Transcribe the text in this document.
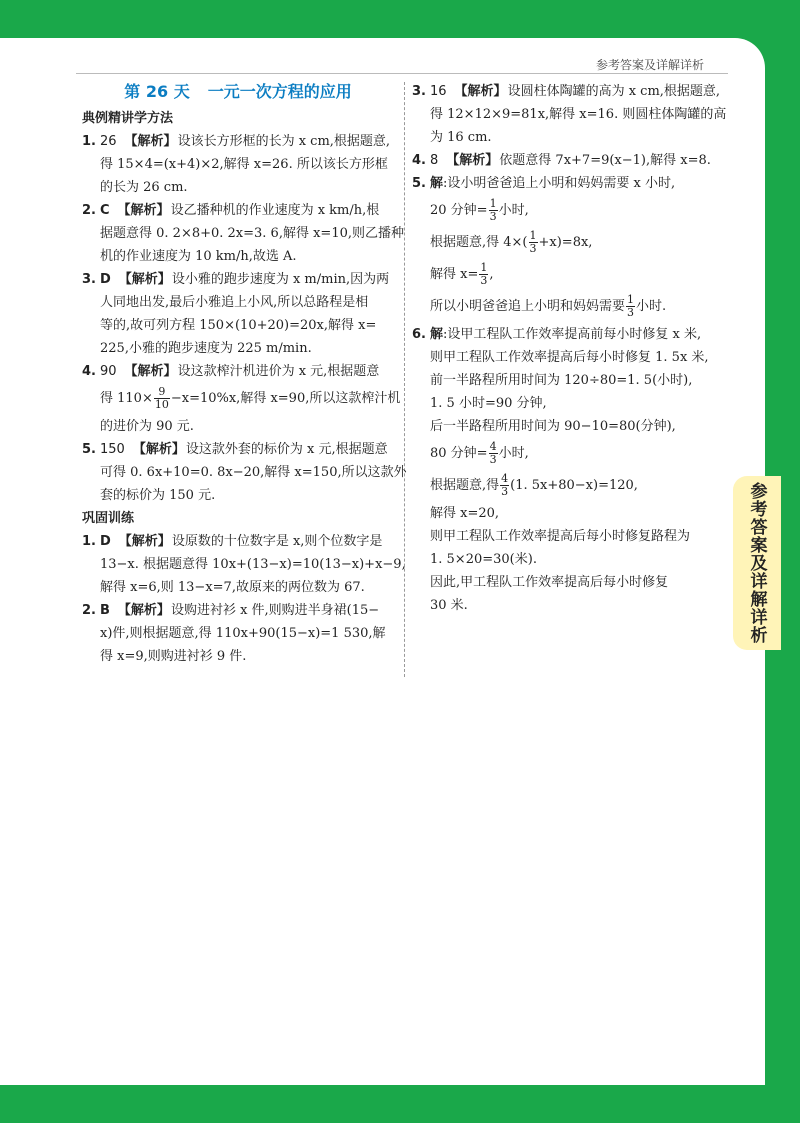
参考答案及详解详析
参考答案及详解详析
第 26 天 一元一次方程的应用
典例精讲学方法
1. 26 【解析】设该长方形框的长为 x cm,根据题意,
得 15×4=(x+4)×2,解得 x=26. 所以该长方形框
的长为 26 cm.
2. C 【解析】设乙播种机的作业速度为 x km/h,根
据题意得 0. 2×8+0. 2x=3. 6,解得 x=10,则乙播种
机的作业速度为 10 km/h,故选 A.
3. D 【解析】设小雅的跑步速度为 x m/min,因为两
人同地出发,最后小雅追上小风,所以总路程是相
等的,故可列方程 150×(10+20)=20x,解得 x=
225,小雅的跑步速度为 225 m/min.
4. 90 【解析】设这款榨汁机进价为 x 元,根据题意
得 $110\times \frac{9}{10} -x=10\%x$,解得 x=90,所以这款榨汁机
的进价为 90 元.
5. 150 【解析】设这款外套的标价为 x 元,根据题意
可得 0. 6x+10=0. 8x−20,解得 x=150,所以这款外
套的标价为 150 元.
巩固训练
1. D 【解析】设原数的十位数字是 x,则个位数字是
13−x. 根据题意得 10x+(13−x)=10(13−x)+x−9,
解得 x=6,则 13−x=7,故原来的两位数为 67.
2. B 【解析】设购进衬衫 x 件,则购进半身裙(15−
x)件,则根据题意,得 110x+90(15−x)=1 530,解
得 x=9,则购进衬衫 9 件.
3. 16 【解析】设圆柱体陶罐的高为 x cm,根据题意,
得 12×12×9=81x,解得 x=16. 则圆柱体陶罐的高
为 16 cm.
4. 8 【解析】依题意得 7x+7=9(x−1),解得 x=8.
5. 解:设小明爸爸追上小明和妈妈需要 x 小时,
20 分钟= $\frac{1}{3}$ 小时,
根据题意,得 $4\times( \frac{1}{3} +x)=8x$,
解得 $x= \frac{1}{3}$ ,
所以小明爸爸追上小明和妈妈需要 $\frac{1}{3}$ 小时.
6. 解:设甲工程队工作效率提高前每小时修复 x 米,
则甲工程队工作效率提高后每小时修复 1. 5x 米,
前一半路程所用时间为 120÷80=1. 5(小时),
1. 5 小时=90 分钟,
后一半路程所用时间为 90−10=80(分钟),
80 分钟= $\frac{4}{3}$ 小时,
根据题意,得 $\frac{4}{3} (1$. 5x+80−x)=120,
解得 x=20,
则甲工程队工作效率提高后每小时修复路程为
1. 5×20=30(米).
因此,甲工程队工作效率提高后每小时修复
30 米.
